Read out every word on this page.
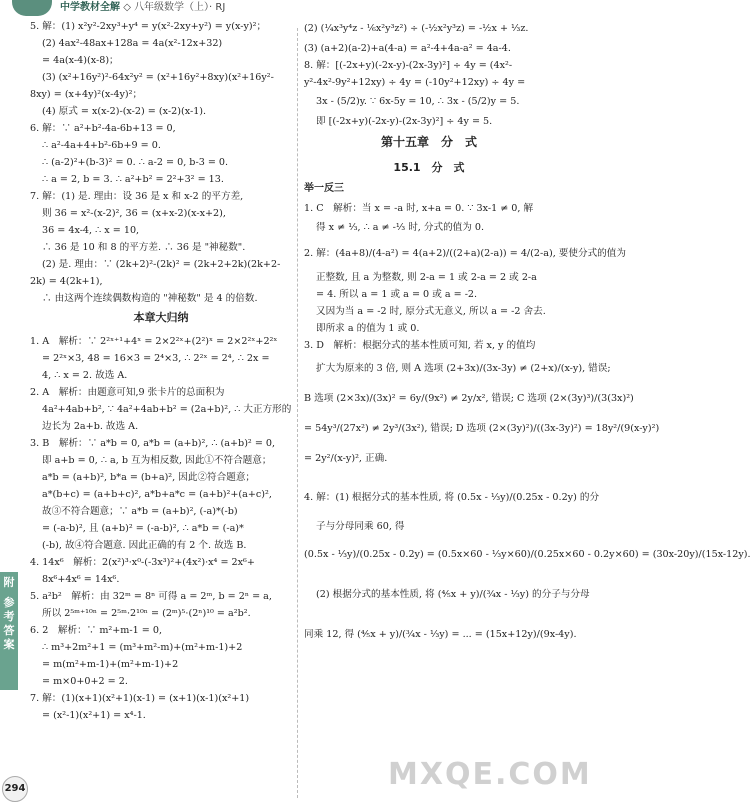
中学教材全解 ◇ 八年级数学（上）· RJ
5. 解：(1) x²y²-2xy³+y⁴ = y(x²-2xy+y²) = y(x-y)²；
(2) 4ax²-48ax+128a = 4a(x²-12x+32)
= 4a(x-4)(x-8)；
(3) (x²+16y²)²-64x²y² = (x²+16y²+8xy)(x²+16y²-
8xy) = (x+4y)²(x-4y)²；
(4) 原式 = x(x-2)-(x-2) = (x-2)(x-1).
6. 解：∵ a²+b²-4a-6b+13 = 0,
∴ a²-4a+4+b²-6b+9 = 0.
∴ (a-2)²+(b-3)² = 0. ∴ a-2 = 0, b-3 = 0.
∴ a = 2, b = 3. ∴ a²+b² = 2²+3² = 13.
7. 解：(1) 是. 理由：设 36 是 x 和 x-2 的平方差,
则 36 = x²-(x-2)², 36 = (x+x-2)(x-x+2),
36 = 4x-4, ∴ x = 10,
∴ 36 是 10 和 8 的平方差. ∴ 36 是 "神秘数".
(2) 是. 理由：∵ (2k+2)²-(2k)² = (2k+2+2k)(2k+2-
2k) = 4(2k+1),
∴ 由这两个连续偶数构造的 "神秘数" 是 4 的倍数.
本章大归纳
1. A　解析：∵ 2²ˣ⁺¹+4ˣ = 2×2²ˣ+(2²)ˣ = 2×2²ˣ+2²ˣ
= 2²ˣ×3, 48 = 16×3 = 2⁴×3, ∴ 2²ˣ = 2⁴, ∴ 2x =
4, ∴ x = 2. 故选 A.
2. A　解析：由题意可知,9 张卡片的总面积为
4a²+4ab+b², ∵ 4a²+4ab+b² = (2a+b)², ∴ 大正方形的
边长为 2a+b. 故选 A.
3. B　解析：∵ a*b = 0, a*b = (a+b)², ∴ (a+b)² = 0,
即 a+b = 0, ∴ a, b 互为相反数, 因此①不符合题意；
a*b = (a+b)², b*a = (b+a)², 因此②符合题意；
a*(b+c) = (a+b+c)², a*b+a*c = (a+b)²+(a+c)²,
故③不符合题意；∵ a*b = (a+b)², (-a)*(-b)
= (-a-b)², 且 (a+b)² = (-a-b)², ∴ a*b = (-a)*
(-b), 故④符合题意. 因此正确的有 2 个. 故选 B.
4. 14x⁶　解析：2(x²)³·x⁰-(-3x³)²+(4x²)·x⁴ = 2x⁶+
8x⁶+4x⁶ = 14x⁶.
5. a²b²　解析：由 32ᵐ = 8ⁿ 可得 a = 2ᵐ, b = 2ⁿ = a,
所以 2⁵ᵐ⁺¹⁰ⁿ = 2⁵ᵐ·2¹⁰ⁿ = (2ᵐ)⁵·(2ⁿ)¹⁰ = a²b².
6. 2　解析：∵ m²+m-1 = 0,
∴ m³+2m²+1 = (m³+m²-m)+(m²+m-1)+2
= m(m²+m-1)+(m²+m-1)+2
= m×0+0+2 = 2.
7. 解：(1)(x+1)(x²+1)(x-1) = (x+1)(x-1)(x²+1)
= (x²-1)(x²+1) = x⁴-1.
(2) (¼x³y⁴z - ⅙x²y³z²) ÷ (-½x²y³z) = -½x + ⅓z.
(3) (a+2)(a-2)+a(4-a) = a²-4+4a-a² = 4a-4.
8. 解：[(-2x+y)(-2x-y)-(2x-3y)²] ÷ 4y = (4x²-
y²-4x²-9y²+12xy) ÷ 4y = (-10y²+12xy) ÷ 4y =
3x - (5/2)y. ∵ 6x-5y = 10, ∴ 3x - (5/2)y = 5.
即 [(-2x+y)(-2x-y)-(2x-3y)²] ÷ 4y = 5.
第十五章　分　式
15.1　分　式
举一反三
1. C　解析：当 x = -a 时, x+a = 0. ∵ 3x-1 ≠ 0, 解
得 x ≠ ⅓, ∴ a ≠ -⅓ 时, 分式的值为 0.
2. 解：(4a+8)/(4-a²) = 4(a+2)/((2+a)(2-a)) = 4/(2-a), 要使分式的值为
正整数, 且 a 为整数, 则 2-a = 1 或 2-a = 2 或 2-a
= 4. 所以 a = 1 或 a = 0 或 a = -2.
又因为当 a = -2 时, 原分式无意义, 所以 a = -2 舍去.
即所求 a 的值为 1 或 0.
3. D　解析：根据分式的基本性质可知, 若 x, y 的值均
扩大为原来的 3 倍, 则 A 选项 (2+3x)/(3x-3y) ≠ (2+x)/(x-y), 错误;
B 选项 (2×3x)/(3x)² = 6y/(9x²) ≠ 2y/x², 错误; C 选项 (2×(3y)³)/(3(3x)²)
= 54y³/(27x²) ≠ 2y³/(3x²), 错误; D 选项 (2×(3y)²)/((3x-3y)²) = 18y²/(9(x-y)²)
= 2y²/(x-y)², 正确.
4. 解：(1) 根据分式的基本性质, 将 (0.5x - ⅓y)/(0.25x - 0.2y) 的分
子与分母同乘 60, 得
(0.5x - ⅓y)/(0.25x - 0.2y) = (0.5x×60 - ⅓y×60)/(0.25x×60 - 0.2y×60) = (30x-20y)/(15x-12y).
(2) 根据分式的基本性质, 将 (⅘x + y)/(¾x - ⅓y) 的分子与分母
同乘 12, 得 (⅘x + y)/(¾x - ⅓y) = ... = (15x+12y)/(9x-4y).
附
参考答案
294	MXQE.COM
